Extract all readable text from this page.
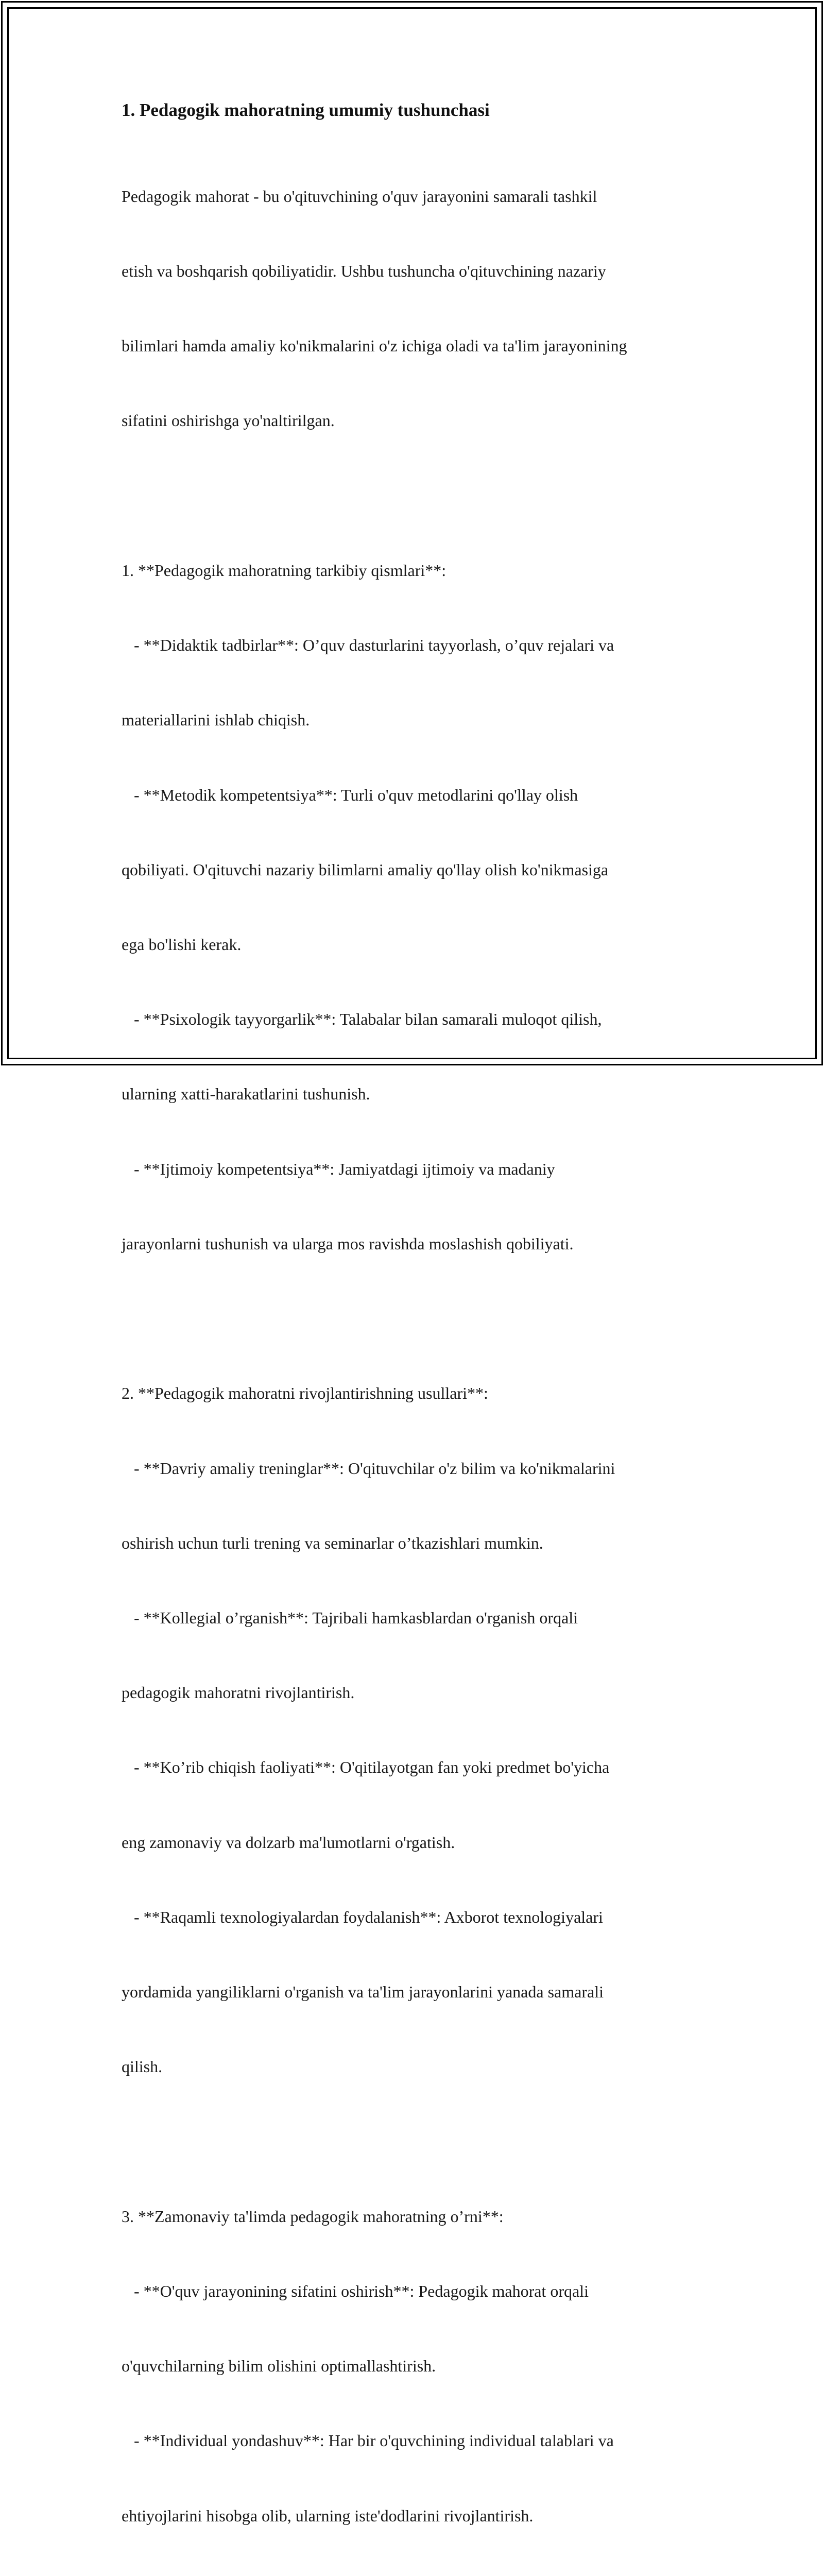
1. Pedagogik mahoratning umumiy tushunchasi

Pedagogik mahorat - bu o'qituvchining o'quv jarayonini samarali tashkil

etish va boshqarish qobiliyatidir. Ushbu tushuncha o'qituvchining nazariy

bilimlari hamda amaliy ko'nikmalarini o'z ichiga oladi va ta'lim jarayonining

sifatini oshirishga yo'naltirilgan.

1. **Pedagogik mahoratning tarkibiy qismlari**:

- **Didaktik tadbirlar**: O’quv dasturlarini tayyorlash, o’quv rejalari va

materiallarini ishlab chiqish.

- **Metodik kompetentsiya**: Turli o'quv metodlarini qo'llay olish

qobiliyati. O'qituvchi nazariy bilimlarni amaliy qo'llay olish ko'nikmasiga

ega bo'lishi kerak.

- **Psixologik tayyorgarlik**: Talabalar bilan samarali muloqot qilish,

ularning xatti-harakatlarini tushunish.

- **Ijtimoiy kompetentsiya**: Jamiyatdagi ijtimoiy va madaniy

jarayonlarni tushunish va ularga mos ravishda moslashish qobiliyati.

2. **Pedagogik mahoratni rivojlantirishning usullari**:

- **Davriy amaliy treninglar**: O'qituvchilar o'z bilim va ko'nikmalarini

oshirish uchun turli trening va seminarlar o’tkazishlari mumkin.

- **Kollegial o’rganish**: Tajribali hamkasblardan o'rganish orqali

pedagogik mahoratni rivojlantirish.

- **Ko’rib chiqish faoliyati**: O'qitilayotgan fan yoki predmet bo'yicha

eng zamonaviy va dolzarb ma'lumotlarni o'rgatish.

- **Raqamli texnologiyalardan foydalanish**: Axborot texnologiyalari

yordamida yangiliklarni o'rganish va ta'lim jarayonlarini yanada samarali

qilish.

3. **Zamonaviy ta'limda pedagogik mahoratning o’rni**:

- **O'quv jarayonining sifatini oshirish**: Pedagogik mahorat orqali

o'quvchilarning bilim olishini optimallashtirish.

- **Individual yondashuv**: Har bir o'quvchining individual talablari va

ehtiyojlarini hisobga olib, ularning iste'dodlarini rivojlantirish.
